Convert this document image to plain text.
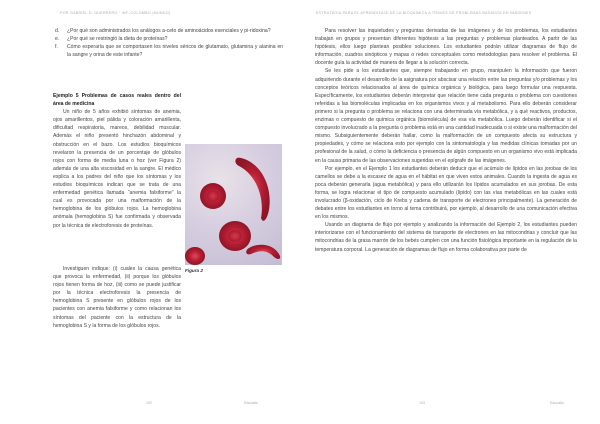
POR GABRIEL D. GUERRERO · INF. COLOMBO (MUNDO)
d. ¿Por qué son administrados los análogos a-ceto de aminoácidos esenciales y pi-ridoxina?
e. ¿Por qué se restringió la dieta de proteínas?
f. Cómo esperaría que se comportasen los niveles séricos de glutamato, glutamina y alanina en la sangre y orina de este infante?

Ejemplo 5 Problemas de casos reales dentro del área de medicina

Un niño de 5 años exhibió síntomas de anemia, ojos amarillentos, piel pálida y coloración amarillenta, dificultad respiratoria, mareos, debilidad muscular. Además el niño presentó hinchazón abdominal y obstrucción en el bazo. Los estudios bioquímicos revelaron la presencia de un porcentaje de glóbulos rojos con forma de media luna o hoz (ver Figura 2) además de una alta viscosidad en la sangre. El médico explica a los padres del niño que los síntomas y los estudios bioquímicos indican que se trata de una enfermedad genética llamada “anemia falsiforme” la cual es provocada por una malformación de la hemoglobina de los glóbulos rojos. La hemoglobina anómala (hemoglobina S) fue confirmada y observada por la técnica de electroforesis de proteínas.

Investiguen indique: (i) cuales la causa genética que provoca la enfermedad, (ii) porque los glóbulos rojos tienen forma de hoz, (iii) como se puede justificar por la técnica electroforesis la presencia de hemoglobina S presente en glóbulos rojos de los pacientes con anemia falsiforme y como relacionan los síntomas del paciente con la estructura de la hemoglobina S y la forma de los glóbulos rojos.

Figura 2
102	Educatio
ESTRATEGIA PARA EL APRENDIZAJE DE LA BIOQUÍMICA A TRAVÉS DE PROBLEMAS BASADOS EN IMÁGENES

Para resolver las inquietudes y preguntas derivadas de las imágenes y de los problemas, los estudiantes trabajan en grupos y presentan diferentes hipótesis a las preguntas y problemas planteados. A partir de las hipótesis, ellos luego plantean posibles soluciones. Los estudiantes podrán utilizar diagramas de flujo de información, cuadros sinópticos y mapas o redes conceptuales como metodologías para resolver el problema. El docente guía la actividad de manera de llegar a la solución correcta.

Se les pide a los estudiantes que, siempre trabajando en grupo, manipulen la información que fueron adquiriendo durante el desarrollo de la asignatura por abscisar una relación entre las preguntas y/o problemas y los conceptos teóricos relacionados al área de química orgánica y biológica, para luego formular una respuesta. Específicamente, los estudiantes deberán interpretar que relación tiene cada pregunta o problema con cuestiones referidas a las biomoléculas implicadas en los organismos vivos y al metabolismo. Para ello deberán considerar primero si la pregunta o problema se relaciona con una determinada vía metabólica, y a qué reactivos, productos, enzimas o compuesto de química orgánica (biomolécula) de esa vía metabólica. Luego deberán identificar si el compuesto involucrado a la pregunta o problema está en una cantidad inadecuada o si existe una malformación del mismo. Subsiguientemente deberán hallar, como la malformación de un compuesto afecta su estructura y propiedades, y cómo se relaciona esto por ejemplo con la sintomatología y las medidas clínicas tomadas por un profesional de la salud, o cómo la deficiencia o presencia de algún compuesto en un organismo vivo está implicada en la causa primaria de las observaciones sugeridas en el epígrafe de las imágenes.

Por ejemplo, en el Ejemplo 1 los estudiantes deberán deducir que el acúmulo de lípidos en las jorobas de los camellos se debe a la escasez de agua en el hábitat en que viven estos animales. Cuando la ingesta de agua es poca deberán generarla (agua metabólica) y para ello utilizarán los lípidos acumulados en sus jorobas. De esta forma, se logra relacionar el tipo de compuesto acumulado (lípido) con las vías metabólicas en las cuales está involucrado (β-oxidación, ciclo de Krebs y cadena de transporte de electrones principalmente). La generación de debates entre los estudiantes en torno al tema contribuirá, por ejemplo, al desarrollo de una comunicación efectiva en los mismos.

Usando un diagrama de flujo por ejemplo y analizando la información del Ejemplo 2, los estudiantes pueden interiorizarse con el funcionamiento del sistema de transporte de electrones en las mitocondrias y concluir que las mitocondrias de la grasa marrón de los bebés cumplen con una función fisiológica importante en la regulación de la temperatura corporal. La generación de diagramas de flujo en forma colaborativa por parte de

103	Educatio
